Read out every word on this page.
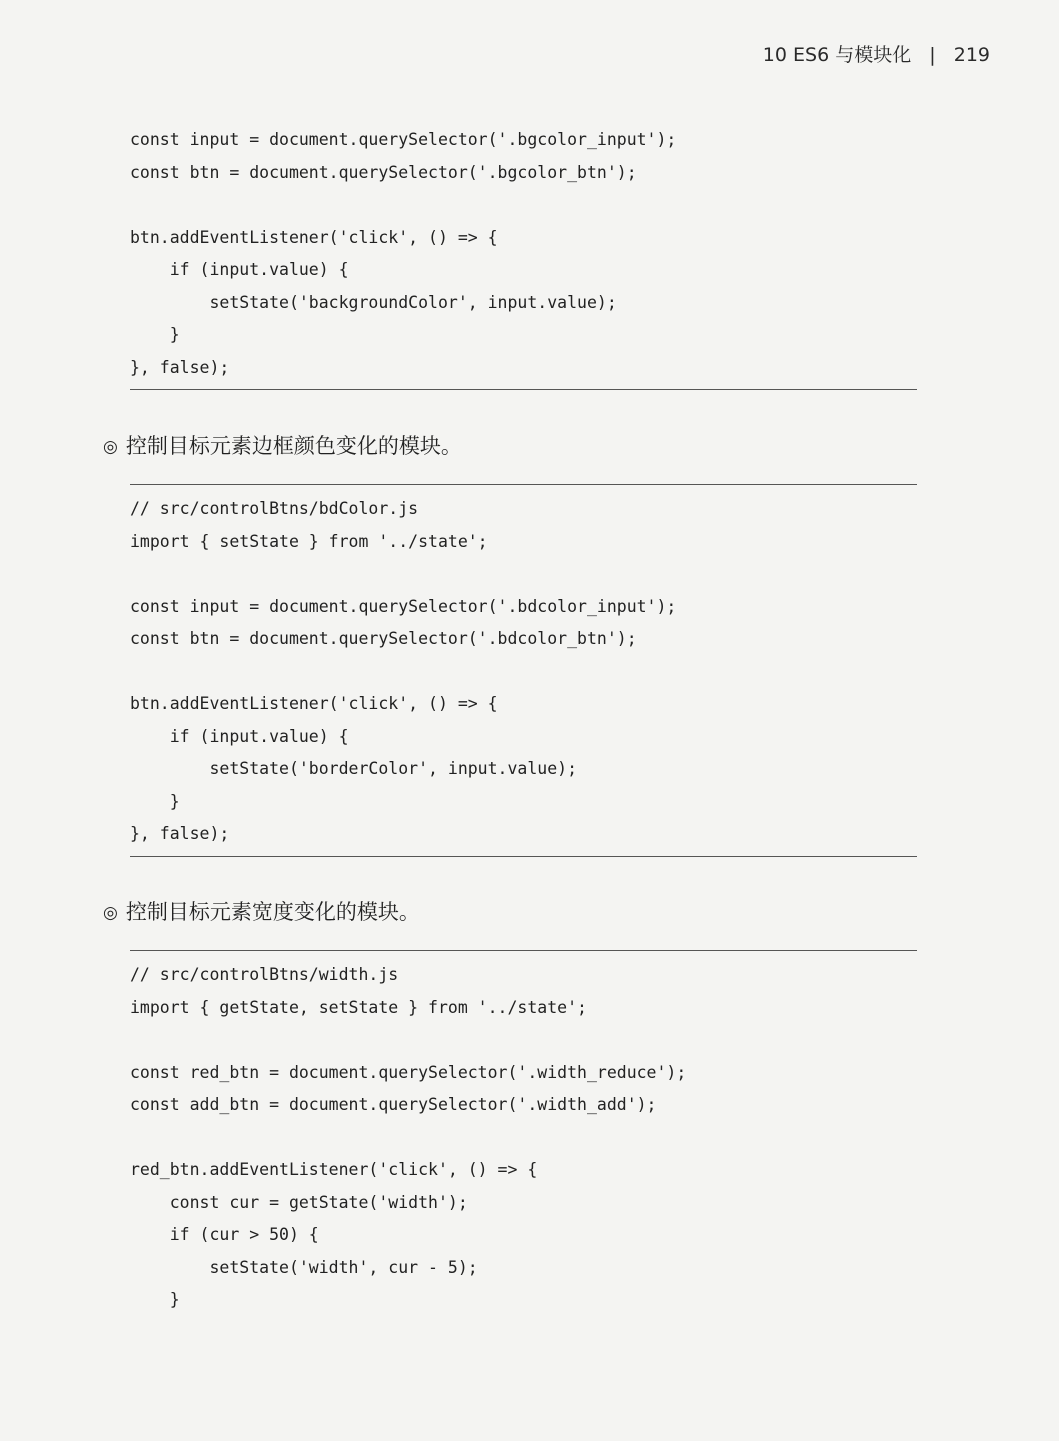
10 ES6 与模块化 | 219
const input = document.querySelector('.bgcolor_input');
const btn = document.querySelector('.bgcolor_btn');
btn.addEventListener('click', () => {
if (input.value) {
setState('backgroundColor', input.value);
}
}, false);
◎ 控制目标元素边框颜色变化的模块。
// src/controlBtns/bdColor.js
import { setState } from '../state';
const input = document.querySelector('.bdcolor_input');
const btn = document.querySelector('.bdcolor_btn');
btn.addEventListener('click', () => {
if (input.value) {
setState('borderColor', input.value);
}
}, false);
◎ 控制目标元素宽度变化的模块。
// src/controlBtns/width.js
import { getState, setState } from '../state';
const red_btn = document.querySelector('.width_reduce');
const add_btn = document.querySelector('.width_add');
red_btn.addEventListener('click', () => {
const cur = getState('width');
if (cur > 50) {
setState('width', cur - 5);
}
